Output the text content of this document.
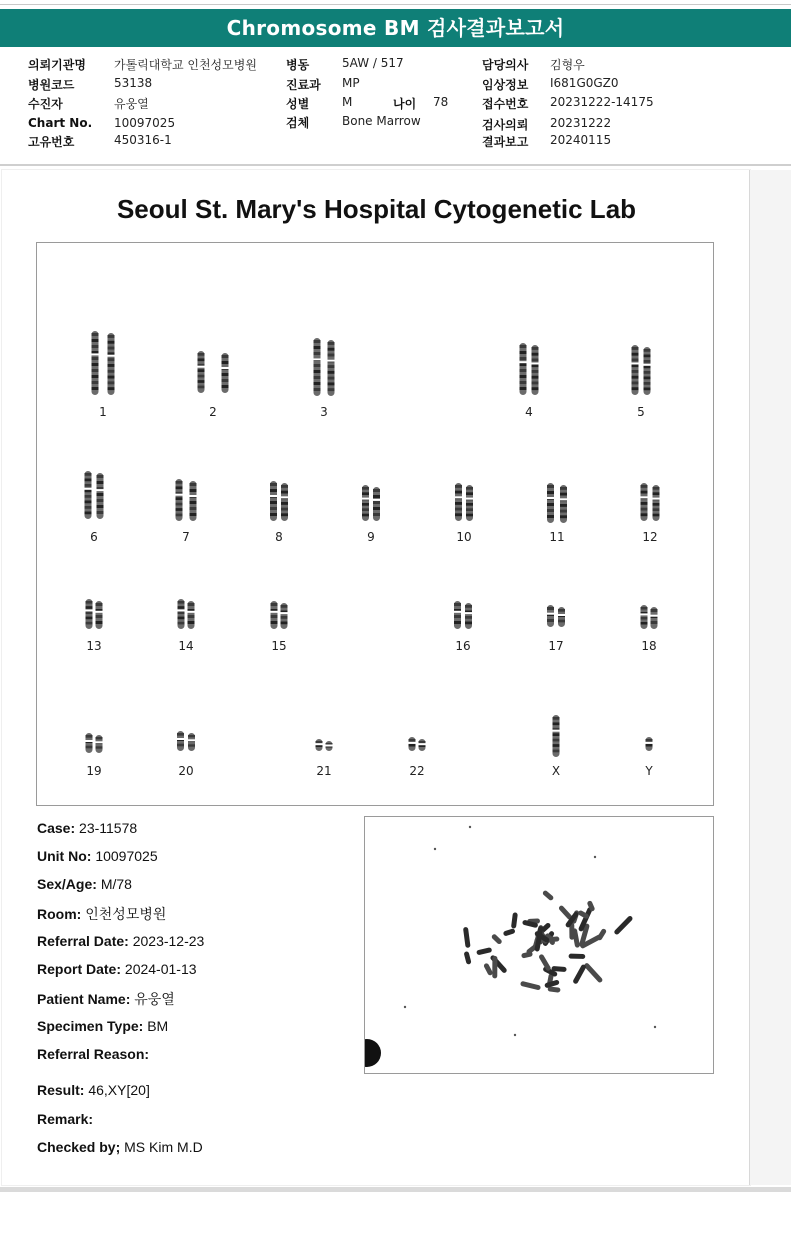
Chromosome BM 검사결과보고서
의뢰기관명 가톨릭대학교 인천성모병원
병원코드	53138
수진자	유웅열
Chart No. 10097025
고유번호	450316-1
병동	5AW / 517
진료과 MP
성별	M	나이 78
검체	Bone Marrow
담당의사 김형우
임상정보 I681G0GZ0
접수번호 20231222-14175
검사의뢰 20231222
결과보고 20240115
Seoul St. Mary's Hospital Cytogenetic Lab
1	2	3	4	5
6	7	8	9	10	11	12
13	14	15	16	17	18
19	20	21	22	X	Y
Case: 23-11578
Unit No: 10097025
Sex/Age: M/78
Room: 인천성모병원
Referral Date: 2023-12-23
Report Date: 2024-01-13
Patient Name: 유웅열
Specimen Type: BM
Referral Reason:
Result: 46,XY[20]
Remark:
Checked by; MS Kim M.D
